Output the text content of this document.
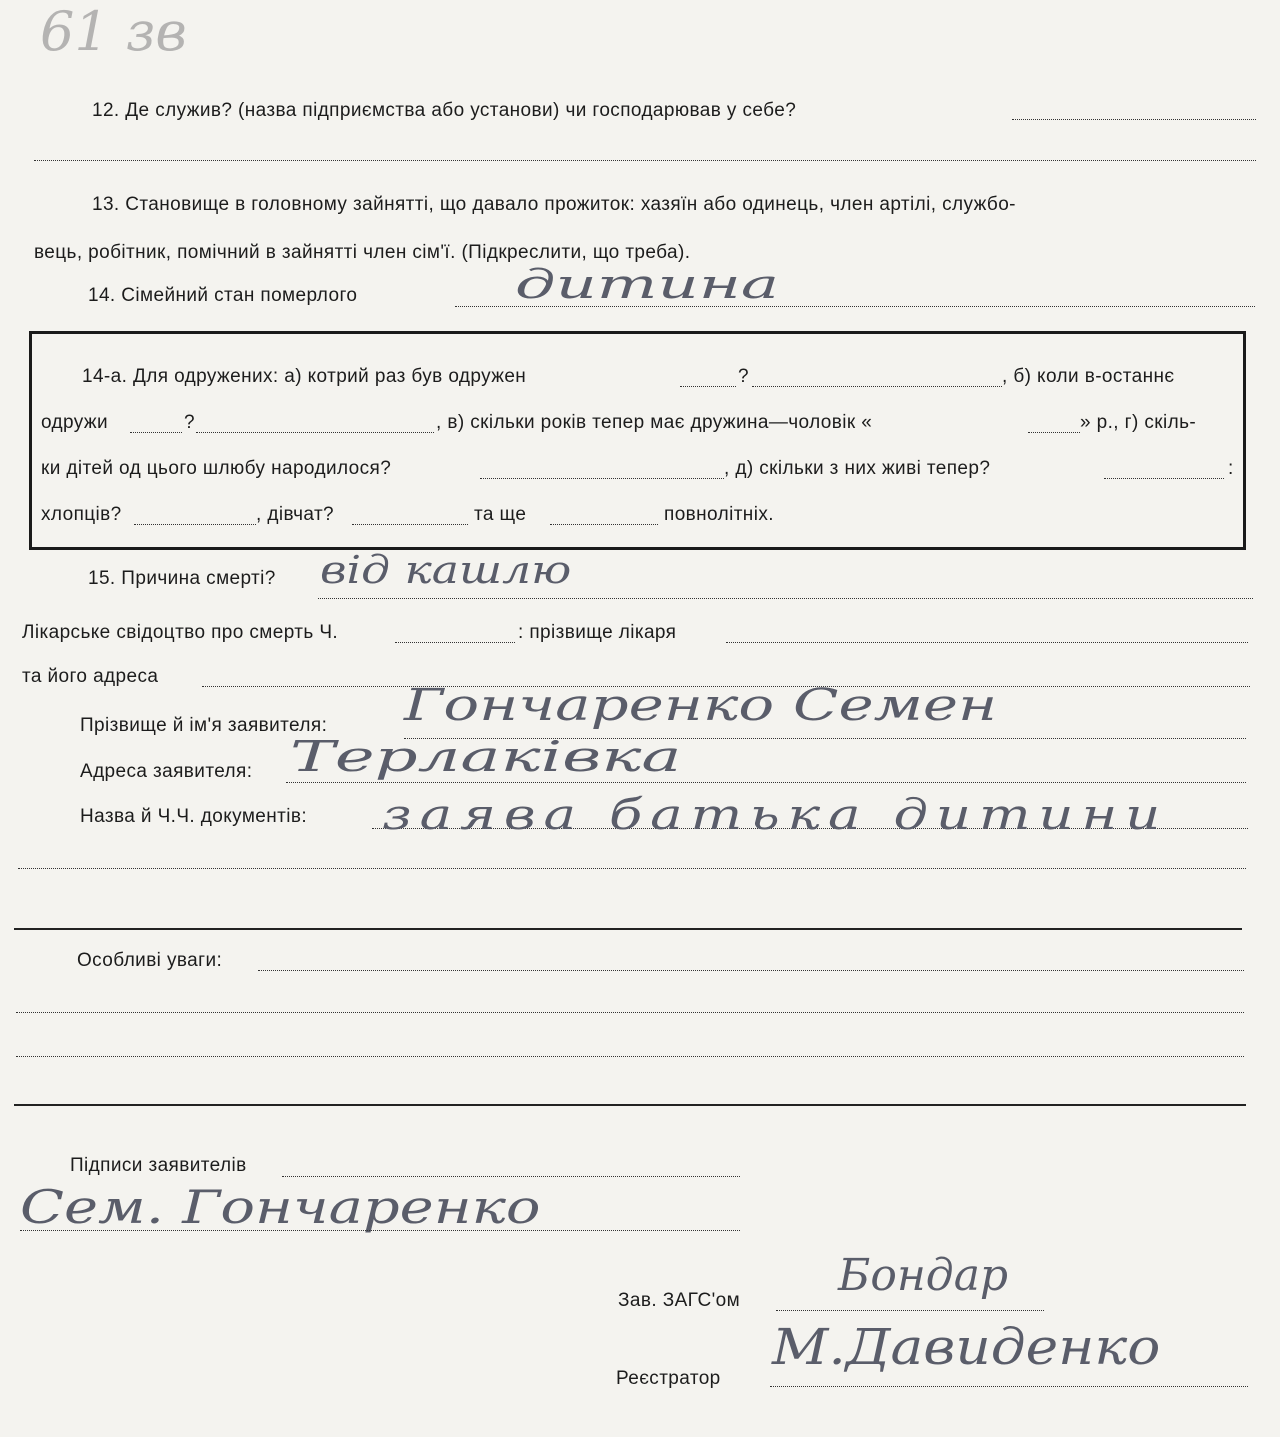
61 зв
12. Де служив? (назва підприємства або установи) чи господарював у себе?
13. Становище в головному зайнятті, що давало прожиток: хазяїн або одинець, член артілі, службо-
вець, робітник, помічний в зайнятті член сім'ї. (Підкреслити, що треба).
14. Сімейний стан померлого	дитина
14-а. Для одружених: а) котрий раз був одружен	?	, б) коли в-останнє
одружи	?	, в) скільки років тепер має дружина—чоловік «	» р., г) скіль-
ки дітей од цього шлюбу народилося?	, д) скільки з них живі тепер?	:
хлопців?	, дівчат?	та ще	повнолітніх.
15. Причина смерті? від кашлю
Лікарське свідоцтво про смерть Ч.	: прізвище лікаря
та його адреса
Прізвище й ім'я заявителя: Гончаренко Семен
Адреса заявителя: Терлаківка
Назва й Ч.Ч. документів: заява батька дитини
Особливі уваги:
Підписи заявителів
Сем. Гончаренко
Зав. ЗАГС'ом Бондар
Реєстратор
М.Давиденко
